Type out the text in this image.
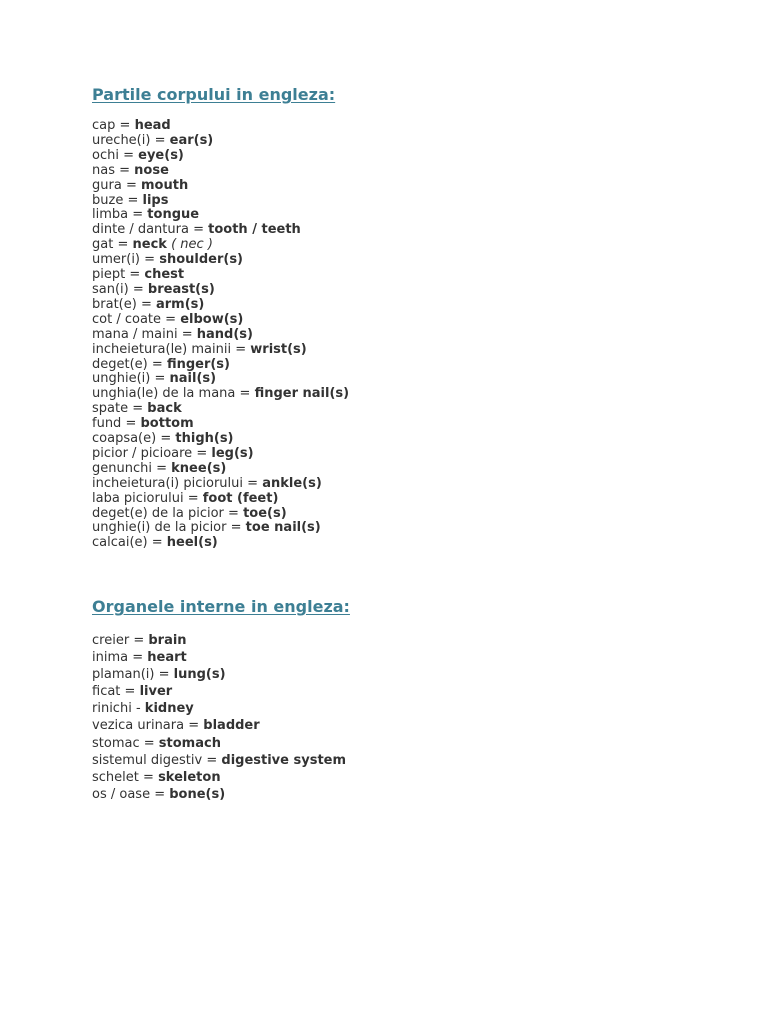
Partile corpului in engleza:
cap = head
ureche(i) = ear(s)
ochi = eye(s)
nas = nose
gura = mouth
buze = lips
limba = tongue
dinte / dantura = tooth / teeth
gat = neck ( nec )
umer(i) = shoulder(s)
piept = chest
san(i) = breast(s)
brat(e) = arm(s)
cot / coate = elbow(s)
mana / maini = hand(s)
incheietura(le) mainii = wrist(s)
deget(e) = finger(s)
unghie(i) = nail(s)
unghia(le) de la mana = finger nail(s)
spate = back
fund = bottom
coapsa(e) = thigh(s)
picior / picioare = leg(s)
genunchi = knee(s)
incheietura(i) piciorului = ankle(s)
laba piciorului = foot (feet)
deget(e) de la picior = toe(s)
unghie(i) de la picior = toe nail(s)
calcai(e) = heel(s)
Organele interne in engleza:
creier = brain
inima = heart
plaman(i) = lung(s)
ficat = liver
rinichi - kidney
vezica urinara = bladder
stomac = stomach
sistemul digestiv = digestive system
schelet = skeleton
os / oase = bone(s)
